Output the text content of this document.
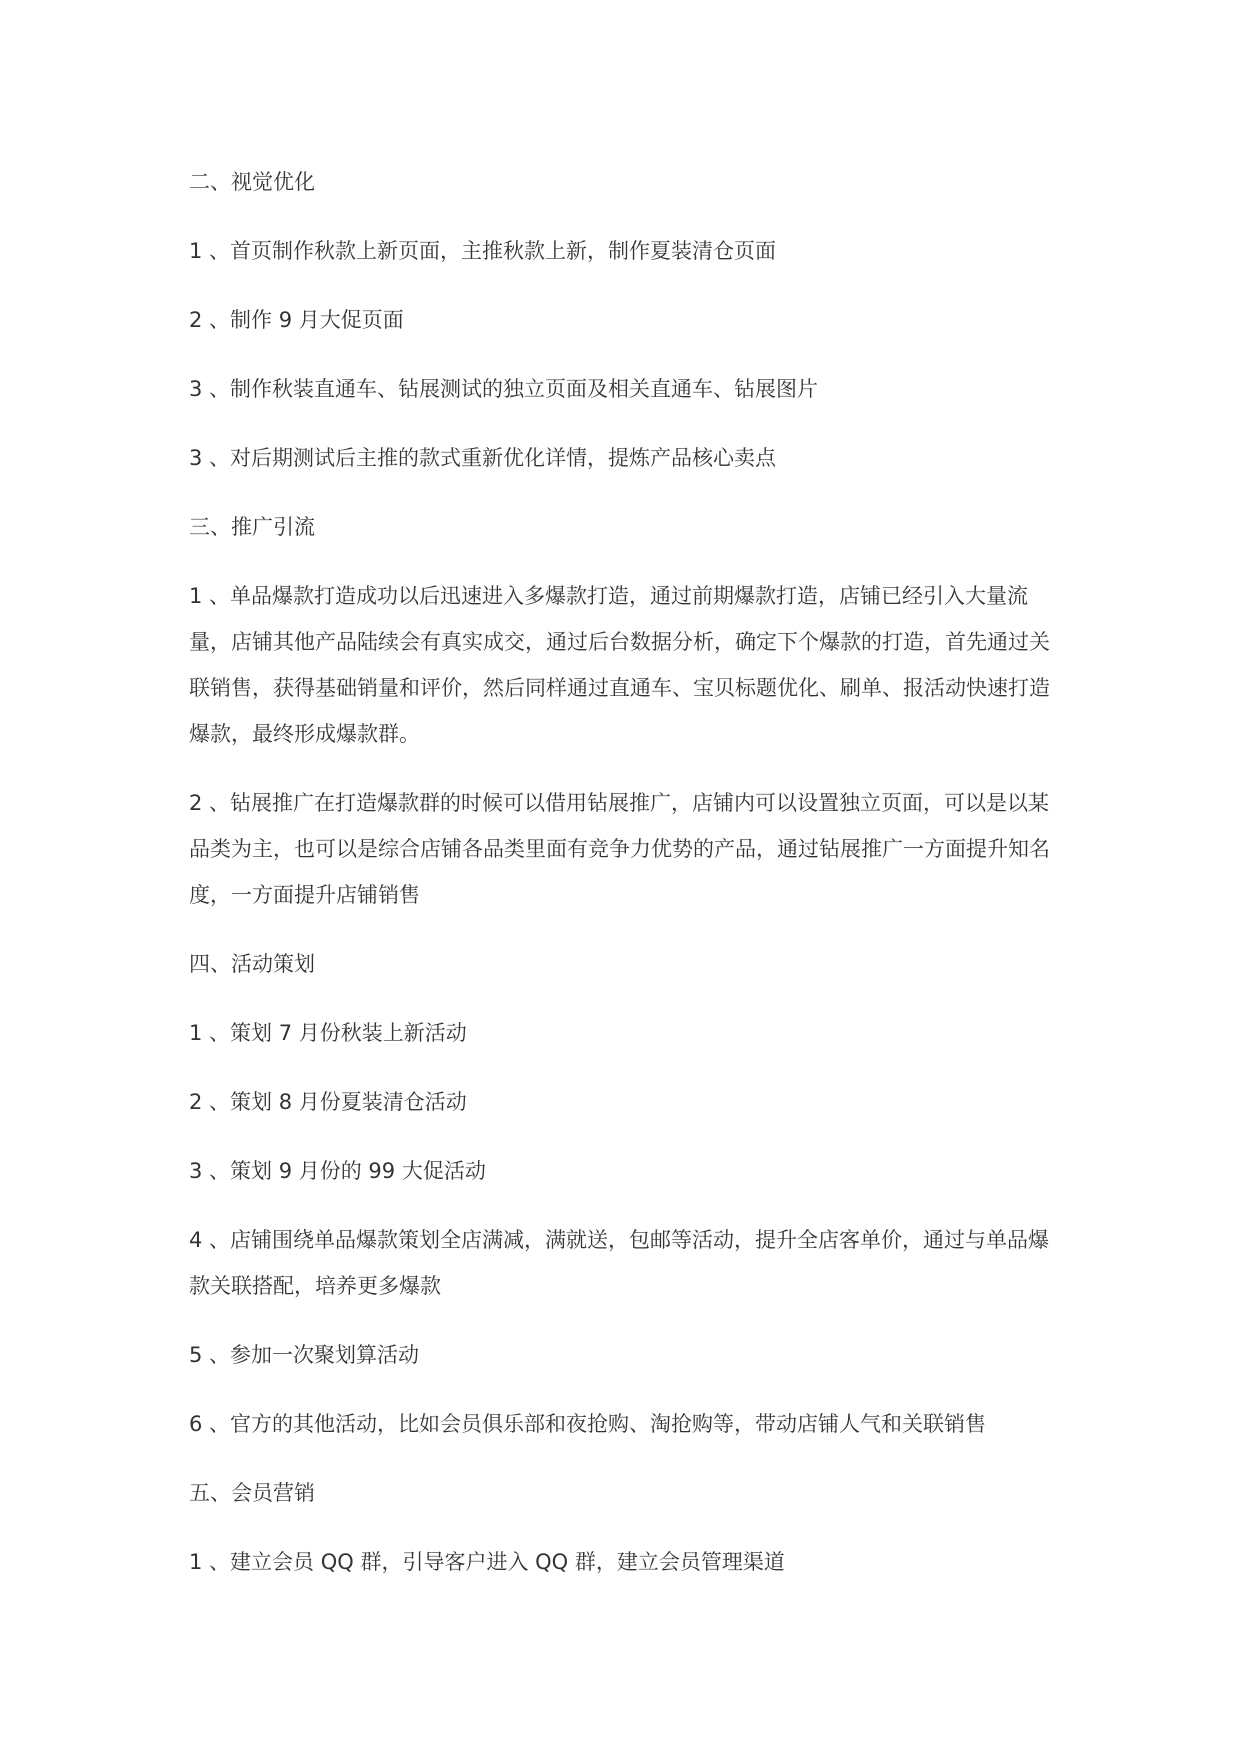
二、视觉优化

1 、首页制作秋款上新页面，主推秋款上新，制作夏装清仓页面

2 、制作 9 月大促页面

3 、制作秋装直通车、钻展测试的独立页面及相关直通车、钻展图片

3 、对后期测试后主推的款式重新优化详情，提炼产品核心卖点

三、推广引流

1 、单品爆款打造成功以后迅速进入多爆款打造，通过前期爆款打造，店铺已经引入大量流量，店铺其他产品陆续会有真实成交，通过后台数据分析，确定下个爆款的打造，首先通过关联销售，获得基础销量和评价，然后同样通过直通车、宝贝标题优化、刷单、报活动快速打造爆款，最终形成爆款群。

2 、钻展推广在打造爆款群的时候可以借用钻展推广，店铺内可以设置独立页面，可以是以某品类为主，也可以是综合店铺各品类里面有竞争力优势的产品，通过钻展推广一方面提升知名度，一方面提升店铺销售

四、活动策划

1 、策划 7 月份秋装上新活动

2 、策划 8 月份夏装清仓活动

3 、策划 9 月份的 99 大促活动

4 、店铺围绕单品爆款策划全店满减，满就送，包邮等活动，提升全店客单价，通过与单品爆款关联搭配，培养更多爆款

5 、参加一次聚划算活动

6 、官方的其他活动，比如会员俱乐部和夜抢购、淘抢购等，带动店铺人气和关联销售

五、会员营销

1 、建立会员 QQ 群，引导客户进入 QQ 群，建立会员管理渠道
